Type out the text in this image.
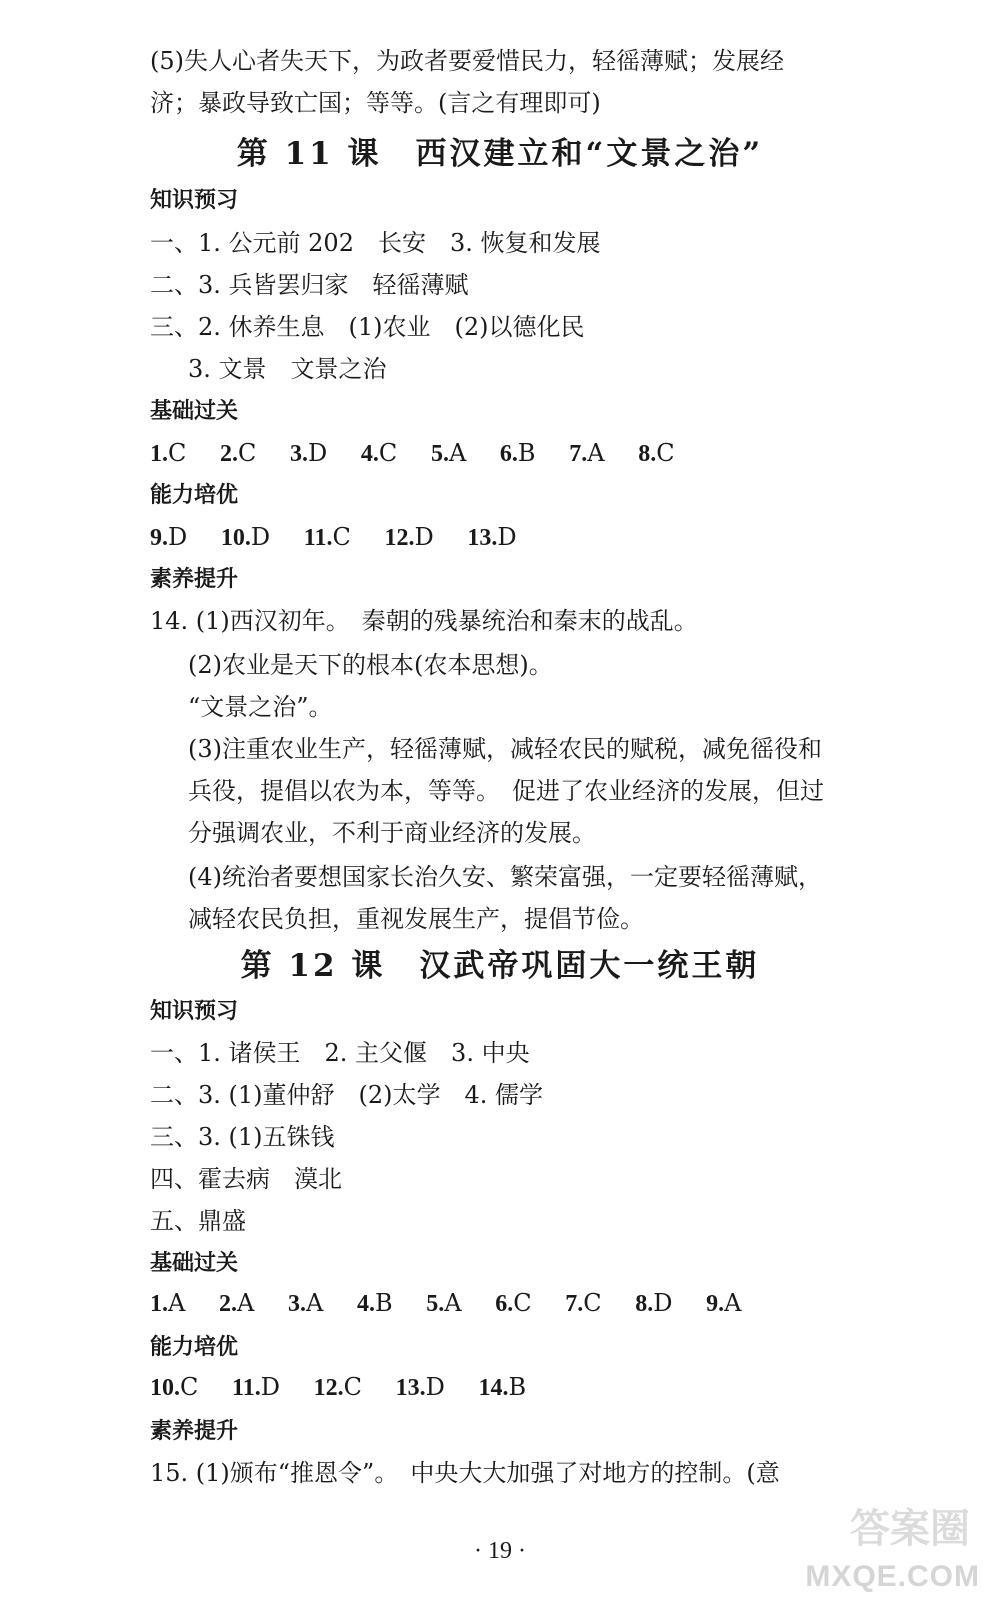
(5)失人心者失天下，为政者要爱惜民力，轻徭薄赋；发展经
济；暴政导致亡国；等等。(言之有理即可)
第 11 课　西汉建立和“文景之治”
知识预习
一、1. 公元前 202　长安　3. 恢复和发展
二、3. 兵皆罢归家　轻徭薄赋
三、2. 休养生息　(1)农业　(2)以德化民
3. 文景　文景之治
基础过关
1.C 2.C 3.D 4.C 5.A 6.B 7.A 8.C
能力培优
9.D 10.D 11.C 12.D 13.D
素养提升
14. (1)西汉初年。　秦朝的残暴统治和秦末的战乱。
(2)农业是天下的根本(农本思想)。
“文景之治”。
(3)注重农业生产，轻徭薄赋，减轻农民的赋税，减免徭役和
兵役，提倡以农为本，等等。　促进了农业经济的发展，但过
分强调农业，不利于商业经济的发展。
(4)统治者要想国家长治久安、繁荣富强，一定要轻徭薄赋，
减轻农民负担，重视发展生产，提倡节俭。
第 12 课　汉武帝巩固大一统王朝
知识预习
一、1. 诸侯王　2. 主父偃　3. 中央
二、3. (1)董仲舒　(2)太学　4. 儒学
三、3. (1)五铢钱
四、霍去病　漠北
五、鼎盛
基础过关
1.A 2.A 3.A 4.B 5.A 6.C 7.C 8.D 9.A
能力培优
10.C 11.D 12.C 13.D 14.B
素养提升
15. (1)颁布“推恩令”。　中央大大加强了对地方的控制。(意
· 19 ·	答案圈
MXQE.COM
